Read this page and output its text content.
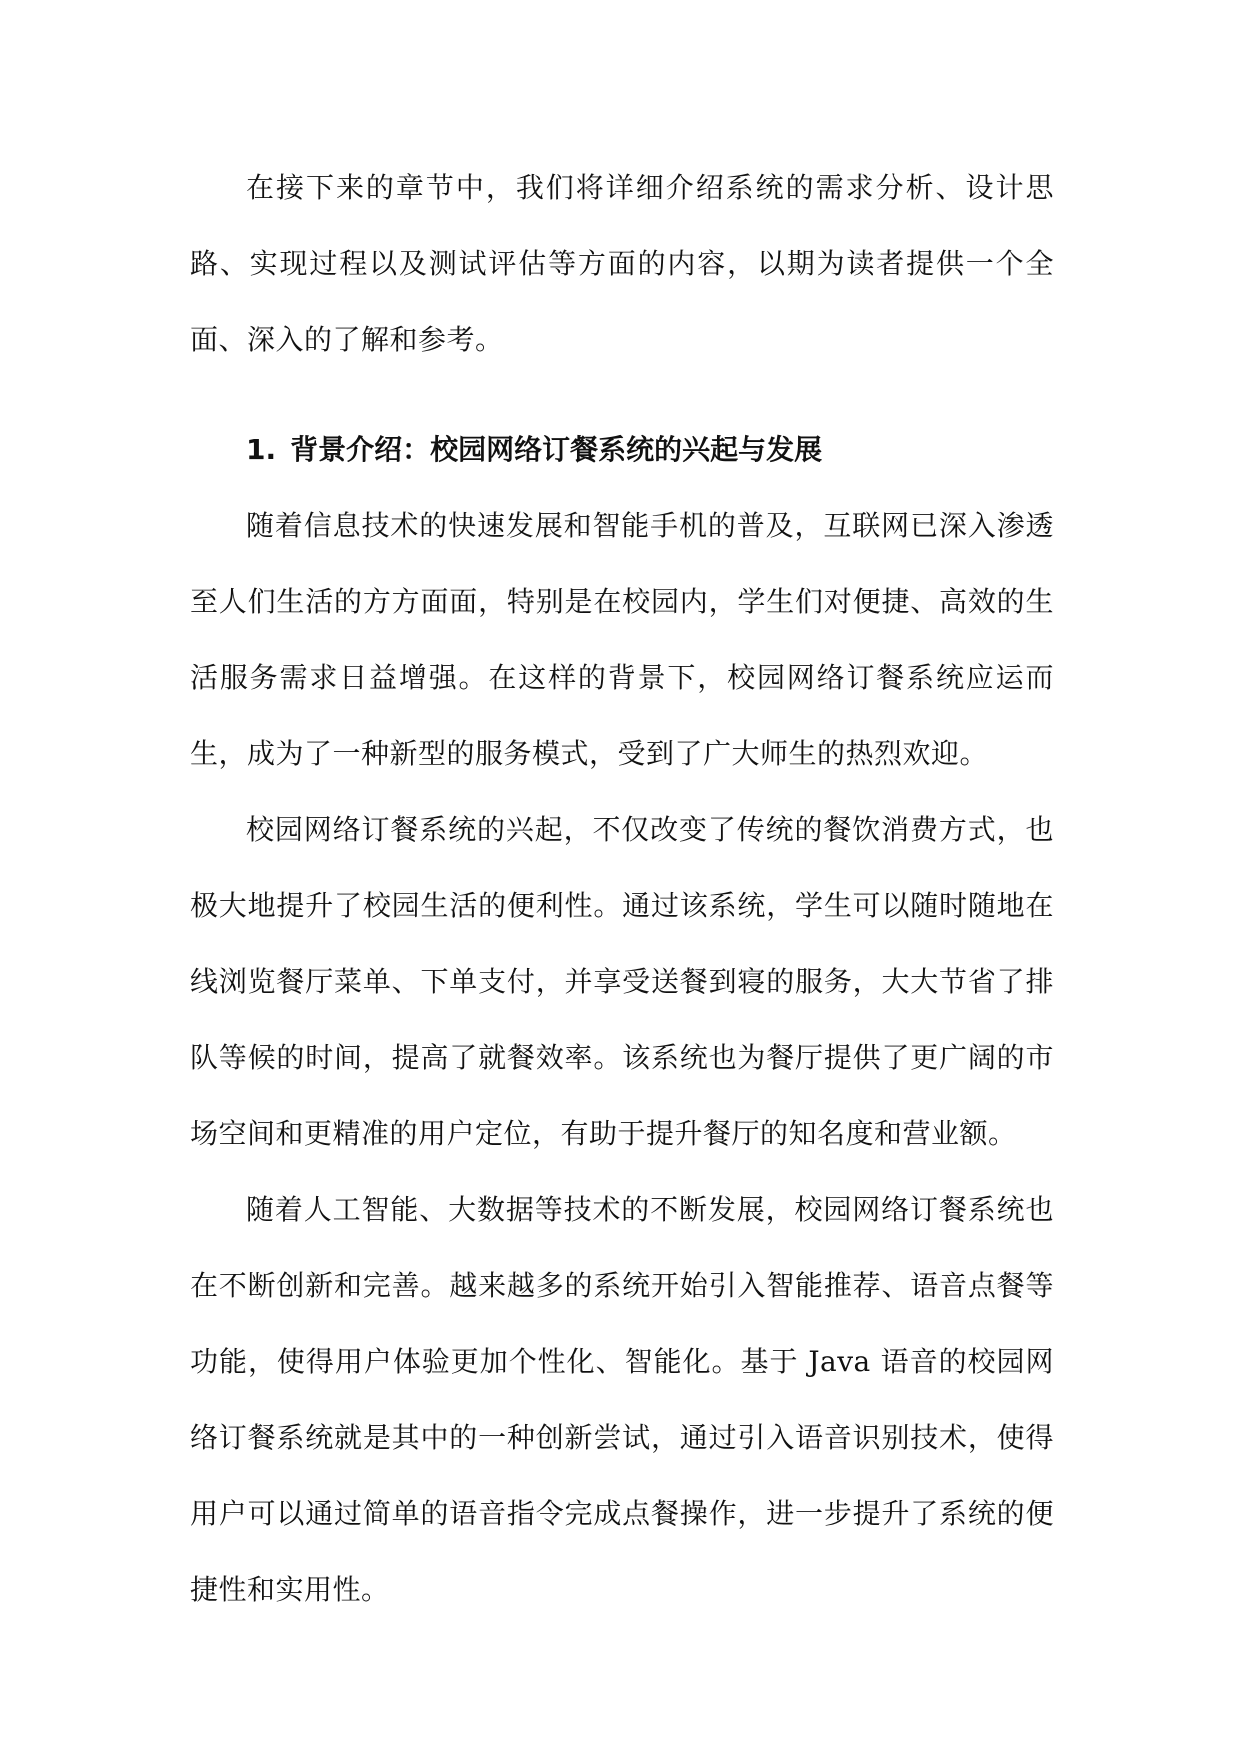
在接下来的章节中，我们将详细介绍系统的需求分析、设计思路、实现过程以及测试评估等方面的内容，以期为读者提供一个全面、深入的了解和参考。

1. 背景介绍：校园网络订餐系统的兴起与发展

随着信息技术的快速发展和智能手机的普及，互联网已深入渗透至人们生活的方方面面，特别是在校园内，学生们对便捷、高效的生活服务需求日益增强。在这样的背景下，校园网络订餐系统应运而生，成为了一种新型的服务模式，受到了广大师生的热烈欢迎。

校园网络订餐系统的兴起，不仅改变了传统的餐饮消费方式，也极大地提升了校园生活的便利性。通过该系统，学生可以随时随地在线浏览餐厅菜单、下单支付，并享受送餐到寝的服务，大大节省了排队等候的时间，提高了就餐效率。该系统也为餐厅提供了更广阔的市场空间和更精准的用户定位，有助于提升餐厅的知名度和营业额。

随着人工智能、大数据等技术的不断发展，校园网络订餐系统也在不断创新和完善。越来越多的系统开始引入智能推荐、语音点餐等功能，使得用户体验更加个性化、智能化。基于 Java 语音的校园网络订餐系统就是其中的一种创新尝试，通过引入语音识别技术，使得用户可以通过简单的语音指令完成点餐操作，进一步提升了系统的便捷性和实用性。
